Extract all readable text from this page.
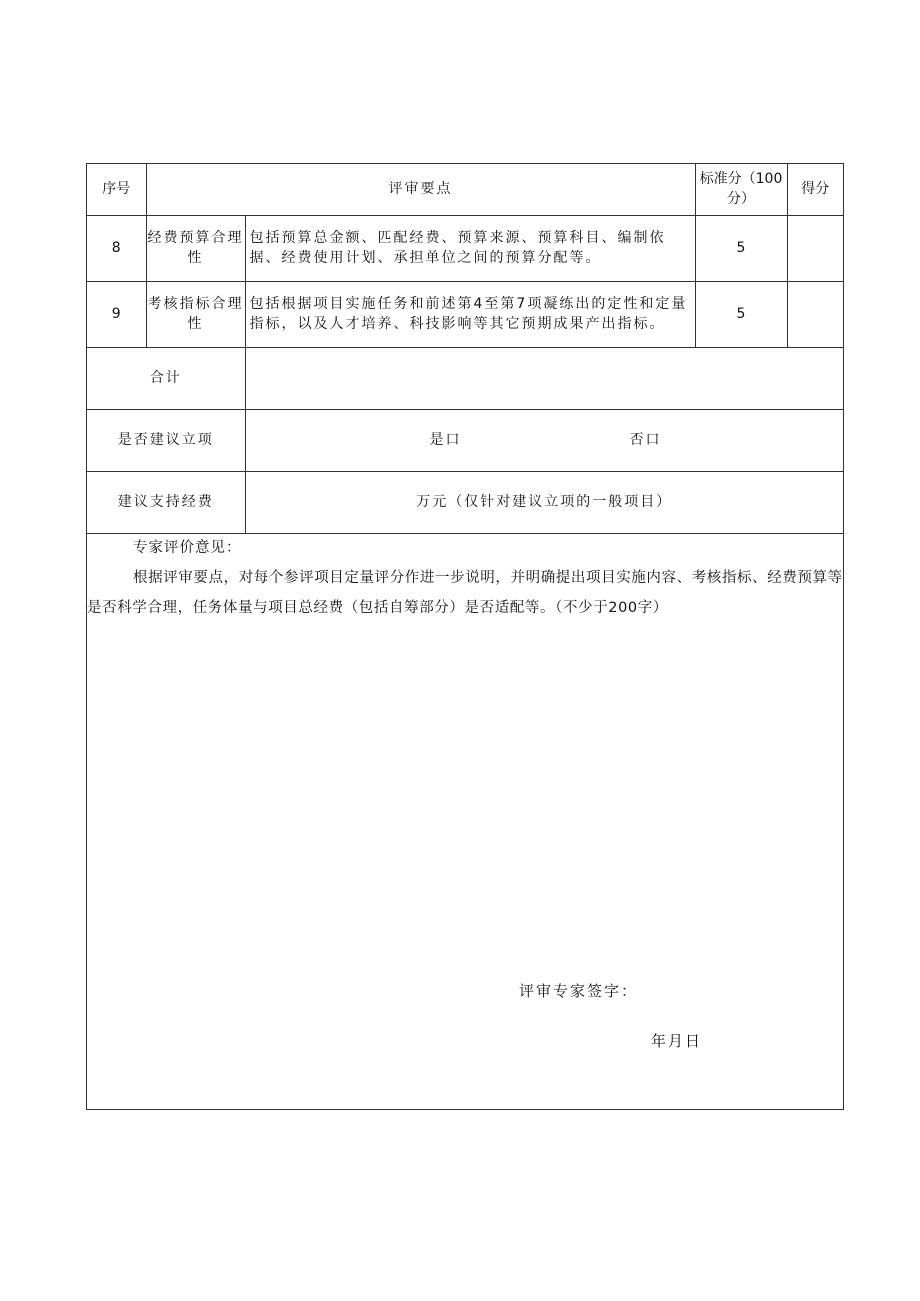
序号	评审要点		标准分（100分）	得分
8	经费预算合理性	包括预算总金额、匹配经费、预算来源、预算科目、编制依据、经费使用计划、承担单位之间的预算分配等。	5	
9	考核指标合理性	包括根据项目实施任务和前述第4至第7项凝练出的定性和定量指标，以及人才培养、科技影响等其它预期成果产出指标。	5	
合计				
是否建议立项		是口 否口		

建议支持经费		万元（仅针对建议立项的一般项目）		

专家评价意见：

根据评审要点，对每个参评项目定量评分作进一步说明，并明确提出项目实施内容、考核指标、经费预算等是否科学合理，任务体量与项目总经费（包括自筹部分）是否适配等。（不少于200字）

评审专家签字：
年月日
